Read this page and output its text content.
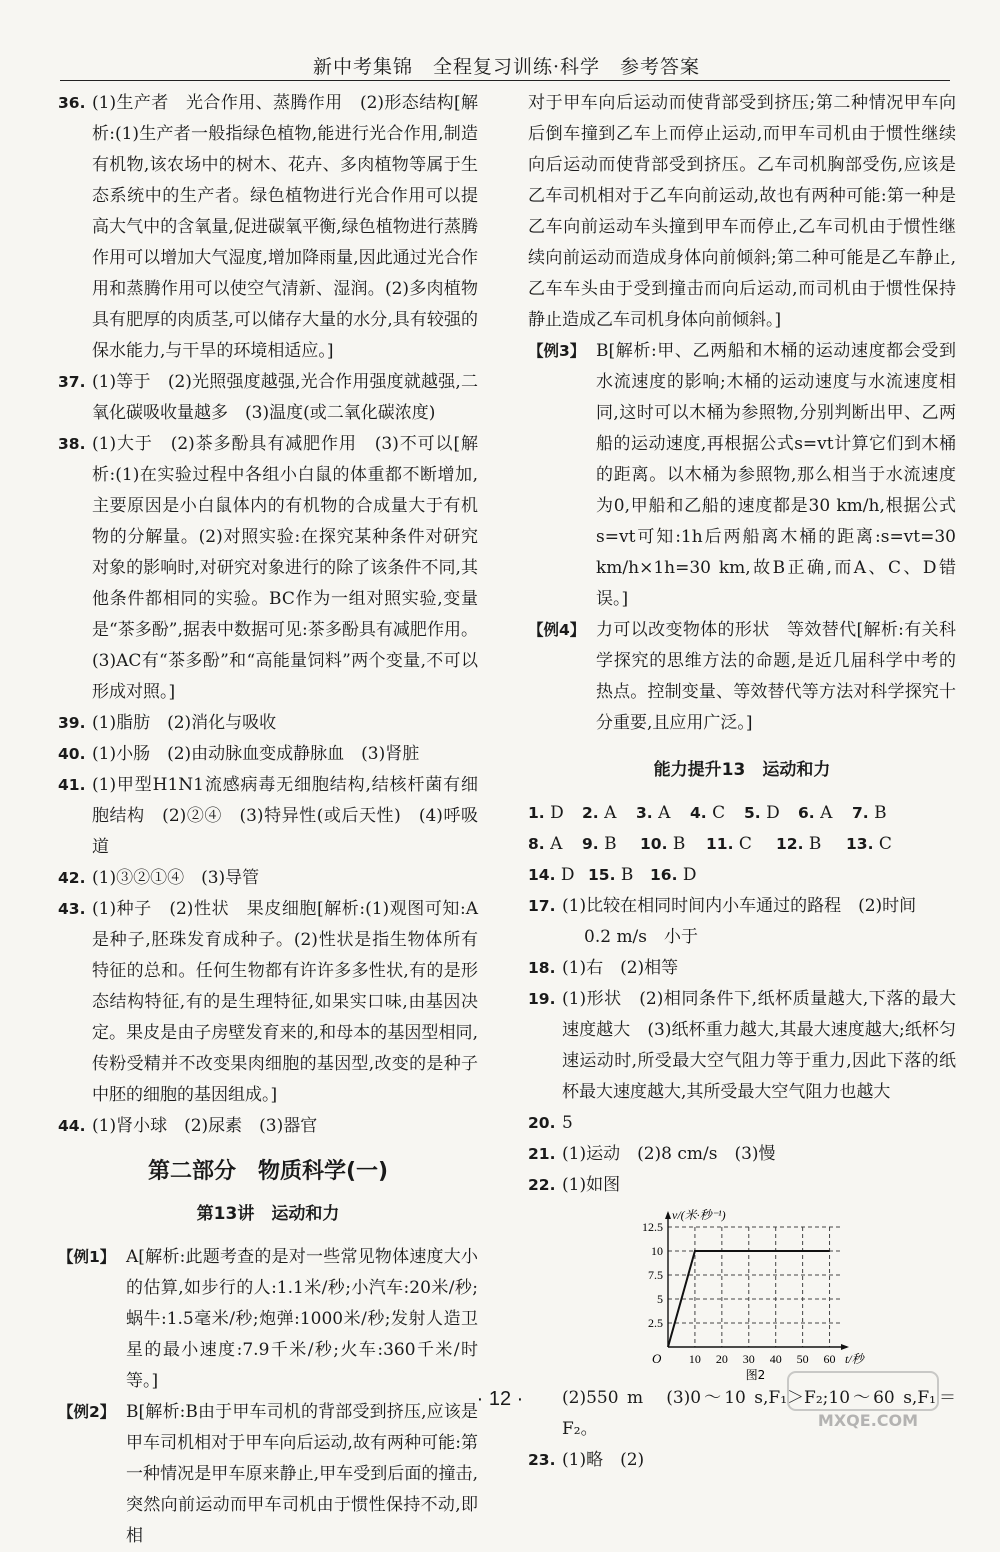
新中考集锦　全程复习训练·科学　参考答案
36. (1)生产者　光合作用、蒸腾作用　(2)形态结构[解析:(1)生产者一般指绿色植物,能进行光合作用,制造有机物,该农场中的树木、花卉、多肉植物等属于生态系统中的生产者。绿色植物进行光合作用可以提高大气中的含氧量,促进碳氧平衡,绿色植物进行蒸腾作用可以增加大气湿度,增加降雨量,因此通过光合作用和蒸腾作用可以使空气清新、湿润。(2)多肉植物具有肥厚的肉质茎,可以储存大量的水分,具有较强的保水能力,与干旱的环境相适应。]
37. (1)等于　(2)光照强度越强,光合作用强度就越强,二氧化碳吸收量越多　(3)温度(或二氧化碳浓度)
38. (1)大于　(2)茶多酚具有减肥作用　(3)不可以[解析:(1)在实验过程中各组小白鼠的体重都不断增加,主要原因是小白鼠体内的有机物的合成量大于有机物的分解量。(2)对照实验:在探究某种条件对研究对象的影响时,对研究对象进行的除了该条件不同,其他条件都相同的实验。BC作为一组对照实验,变量是“茶多酚”,据表中数据可见:茶多酚具有减肥作用。(3)AC有“茶多酚”和“高能量饲料”两个变量,不可以形成对照。]
39. (1)脂肪　(2)消化与吸收
40. (1)小肠　(2)由动脉血变成静脉血　(3)肾脏
41. (1)甲型H1N1流感病毒无细胞结构,结核杆菌有细胞结构　(2)②④　(3)特异性(或后天性)　(4)呼吸道
42. (1)③②①④　(3)导管
43. (1)种子　(2)性状　果皮细胞[解析:(1)观图可知:A是种子,胚珠发育成种子。(2)性状是指生物体所有特征的总和。任何生物都有许许多多性状,有的是形态结构特征,有的是生理特征,如果实口味,由基因决定。果皮是由子房壁发育来的,和母本的基因型相同,传粉受精并不改变果肉细胞的基因型,改变的是种子中胚的细胞的基因组成。]
44. (1)肾小球　(2)尿素　(3)器官
第二部分　物质科学(一)
第13讲　运动和力
【例1】 A[解析:此题考查的是对一些常见物体速度大小的估算,如步行的人:1.1米/秒;小汽车:20米/秒;蜗牛:1.5毫米/秒;炮弹:1000米/秒;发射人造卫星的最小速度:7.9千米/秒;火车:360千米/时等。]
【例2】 B[解析:B由于甲车司机的背部受到挤压,应该是甲车司机相对于甲车向后运动,故有两种可能:第一种情况是甲车原来静止,甲车受到后面的撞击,突然向前运动而甲车司机由于惯性保持不动,即相
对于甲车向后运动而使背部受到挤压;第二种情况甲车向后倒车撞到乙车上而停止运动,而甲车司机由于惯性继续向后运动而使背部受到挤压。乙车司机胸部受伤,应该是乙车司机相对于乙车向前运动,故也有两种可能:第一种是乙车向前运动车头撞到甲车而停止,乙车司机由于惯性继续向前运动而造成身体向前倾斜;第二种可能是乙车静止,乙车车头由于受到撞击而向后运动,而司机由于惯性保持静止造成乙车司机身体向前倾斜。]
【例3】 B[解析:甲、乙两船和木桶的运动速度都会受到水流速度的影响;木桶的运动速度与水流速度相同,这时可以木桶为参照物,分别判断出甲、乙两船的运动速度,再根据公式s=vt计算它们到木桶的距离。以木桶为参照物,那么相当于水流速度为0,甲船和乙船的速度都是30 km/h,根据公式s=vt可知:1h后两船离木桶的距离:s=vt=30 km/h×1h=30 km,故B正确,而A、C、D错误。]
【例4】 力可以改变物体的形状　等效替代[解析:有关科学探究的思维方法的命题,是近几届科学中考的热点。控制变量、等效替代等方法对科学探究十分重要,且应用广泛。]
能力提升13　运动和力
1. D	2. A	3. A	4. C	5. D	6. A	7. B
8. A	9. B	10. B	11. C	12. B	13. C
14. D 15. B	16. D
17. (1)比较在相同时间内小车通过的路程　(2)时间
0.2 m/s　小于
18. (1)右　(2)相等
19. (1)形状　(2)相同条件下,纸杯质量越大,下落的最大速度越大　(3)纸杯重力越大,其最大速度越大;纸杯匀速运动时,所受最大空气阻力等于重力,因此下落的纸杯最大速度越大,其所受最大空气阻力也越大
20. 5
21. (1)运动　(2)8 cm/s　(3)慢
22. (1)如图
10 20 30 40 50 60
2.5
5
7.5
10
12.5
v/(米·秒⁻¹)
t/秒
O
图2
(2)550 m　(3)0～10 s,F₁＞F₂;10～60 s,F₁＝F₂。
23. (1)略　(2)
· 12 ·
MXQE.COM
